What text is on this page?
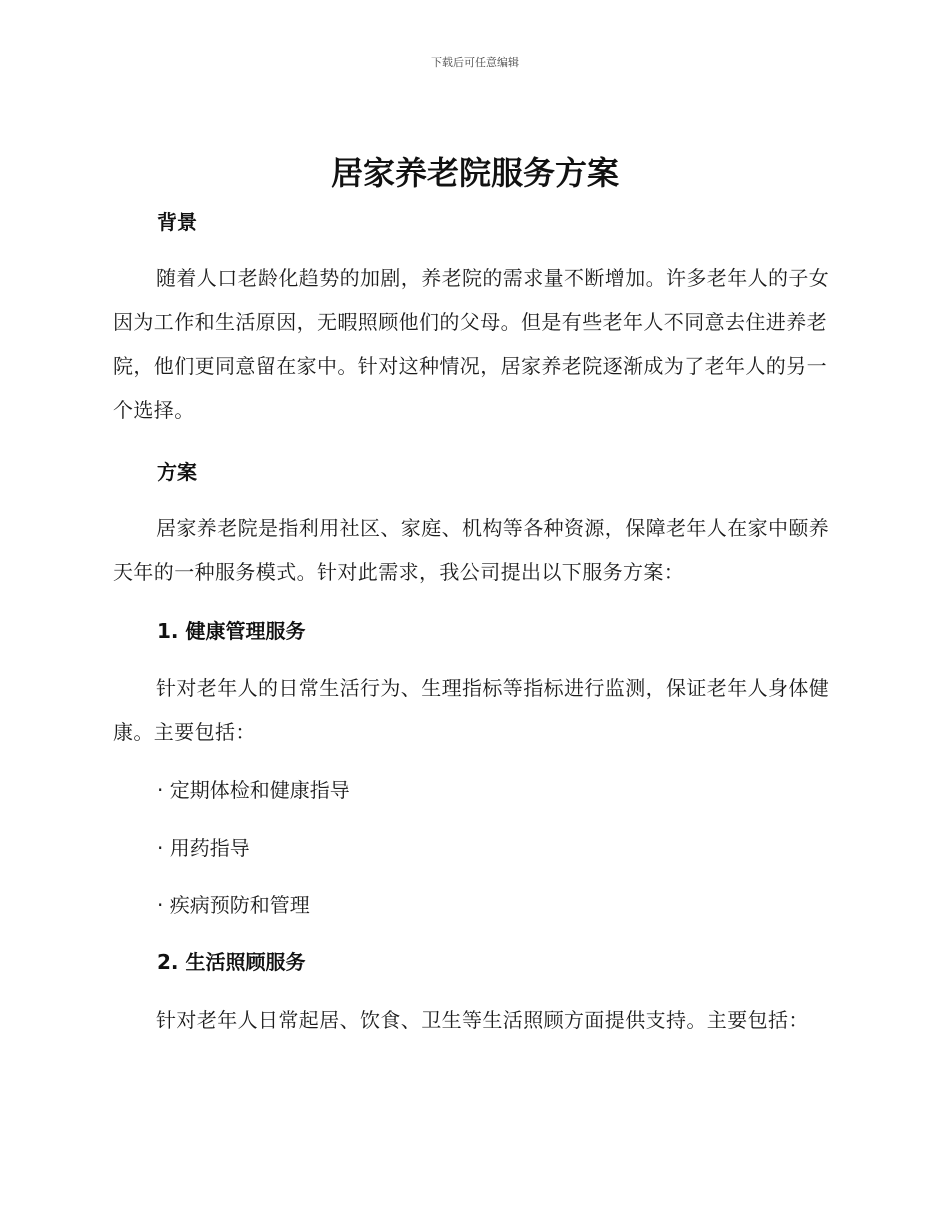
下载后可任意编辑
居家养老院服务方案
背景

随着人口老龄化趋势的加剧，养老院的需求量不断增加。许多老年人的子女因为工作和生活原因，无暇照顾他们的父母。但是有些老年人不同意去住进养老院，他们更同意留在家中。针对这种情况，居家养老院逐渐成为了老年人的另一个选择。

方案

居家养老院是指利用社区、家庭、机构等各种资源，保障老年人在家中颐养天年的一种服务模式。针对此需求，我公司提出以下服务方案：

1. 健康管理服务

针对老年人的日常生活行为、生理指标等指标进行监测，保证老年人身体健康。主要包括：

· 定期体检和健康指导

· 用药指导

· 疾病预防和管理

2. 生活照顾服务

针对老年人日常起居、饮食、卫生等生活照顾方面提供支持。主要包括：
